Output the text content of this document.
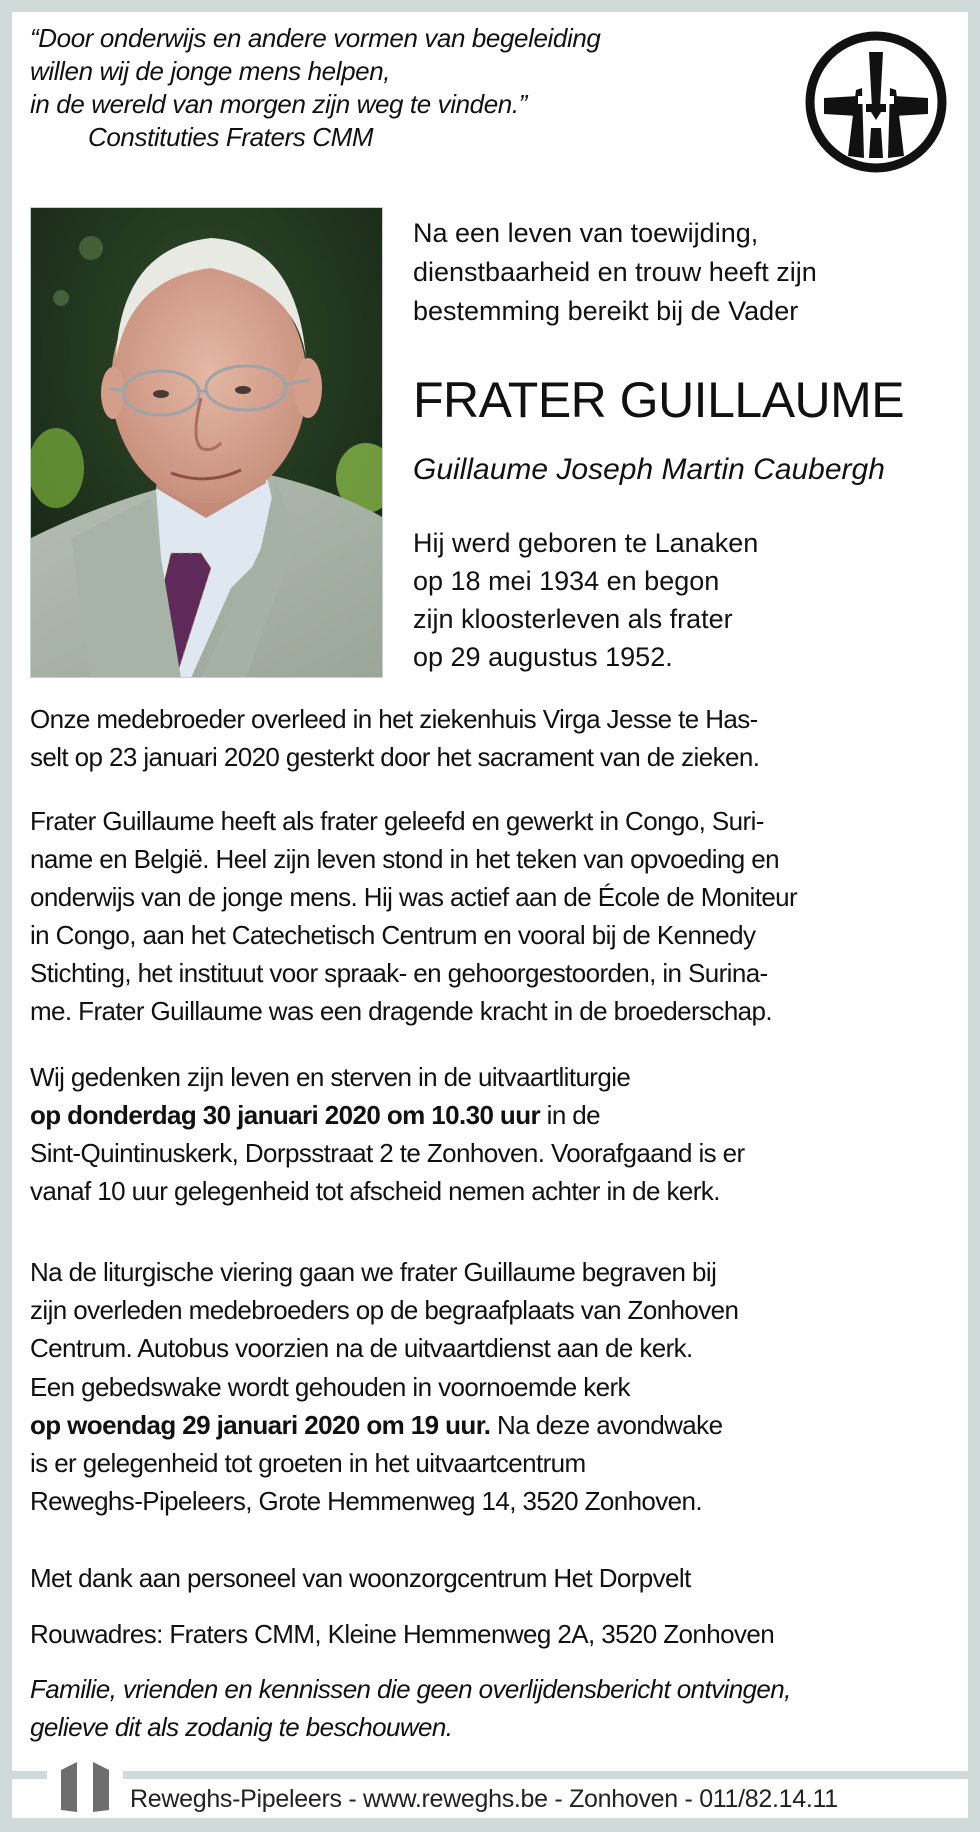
“Door onderwijs en andere vormen van begeleiding
willen wij de jonge mens helpen,
in de wereld van morgen zijn weg te vinden.”
Constituties Fraters CMM
Na een leven van toewijding,
dienstbaarheid en trouw heeft zijn
bestemming bereikt bij de Vader
FRATER GUILLAUME
Guillaume Joseph Martin Caubergh
Hij werd geboren te Lanaken
op 18 mei 1934 en begon
zijn kloosterleven als frater
op 29 augustus 1952.
Onze medebroeder overleed in het ziekenhuis Virga Jesse te Has-
selt op 23 januari 2020 gesterkt door het sacrament van de zieken.
Frater Guillaume heeft als frater geleefd en gewerkt in Congo, Suri-
name en België. Heel zijn leven stond in het teken van opvoeding en
onderwijs van de jonge mens. Hij was actief aan de École de Moniteur
in Congo, aan het Catechetisch Centrum en vooral bij de Kennedy
Stichting, het instituut voor spraak- en gehoorgestoorden, in Surina-
me. Frater Guillaume was een dragende kracht in de broederschap.
Wij gedenken zijn leven en sterven in de uitvaartliturgie
op donderdag 30 januari 2020 om 10.30 uur in de
Sint-Quintinuskerk, Dorpsstraat 2 te Zonhoven. Voorafgaand is er
vanaf 10 uur gelegenheid tot afscheid nemen achter in de kerk.
Na de liturgische viering gaan we frater Guillaume begraven bij
zijn overleden medebroeders op de begraafplaats van Zonhoven
Centrum. Autobus voorzien na de uitvaartdienst aan de kerk.
Een gebedswake wordt gehouden in voornoemde kerk
op woendag 29 januari 2020 om 19 uur. Na deze avondwake
is er gelegenheid tot groeten in het uitvaartcentrum
Reweghs-Pipeleers, Grote Hemmenweg 14, 3520 Zonhoven.
Met dank aan personeel van woonzorgcentrum Het Dorpvelt
Rouwadres: Fraters CMM, Kleine Hemmenweg 2A, 3520 Zonhoven
Familie, vrienden en kennissen die geen overlijdensbericht ontvingen,
gelieve dit als zodanig te beschouwen.
Reweghs-Pipeleers - www.reweghs.be - Zonhoven - 011/82.14.11
